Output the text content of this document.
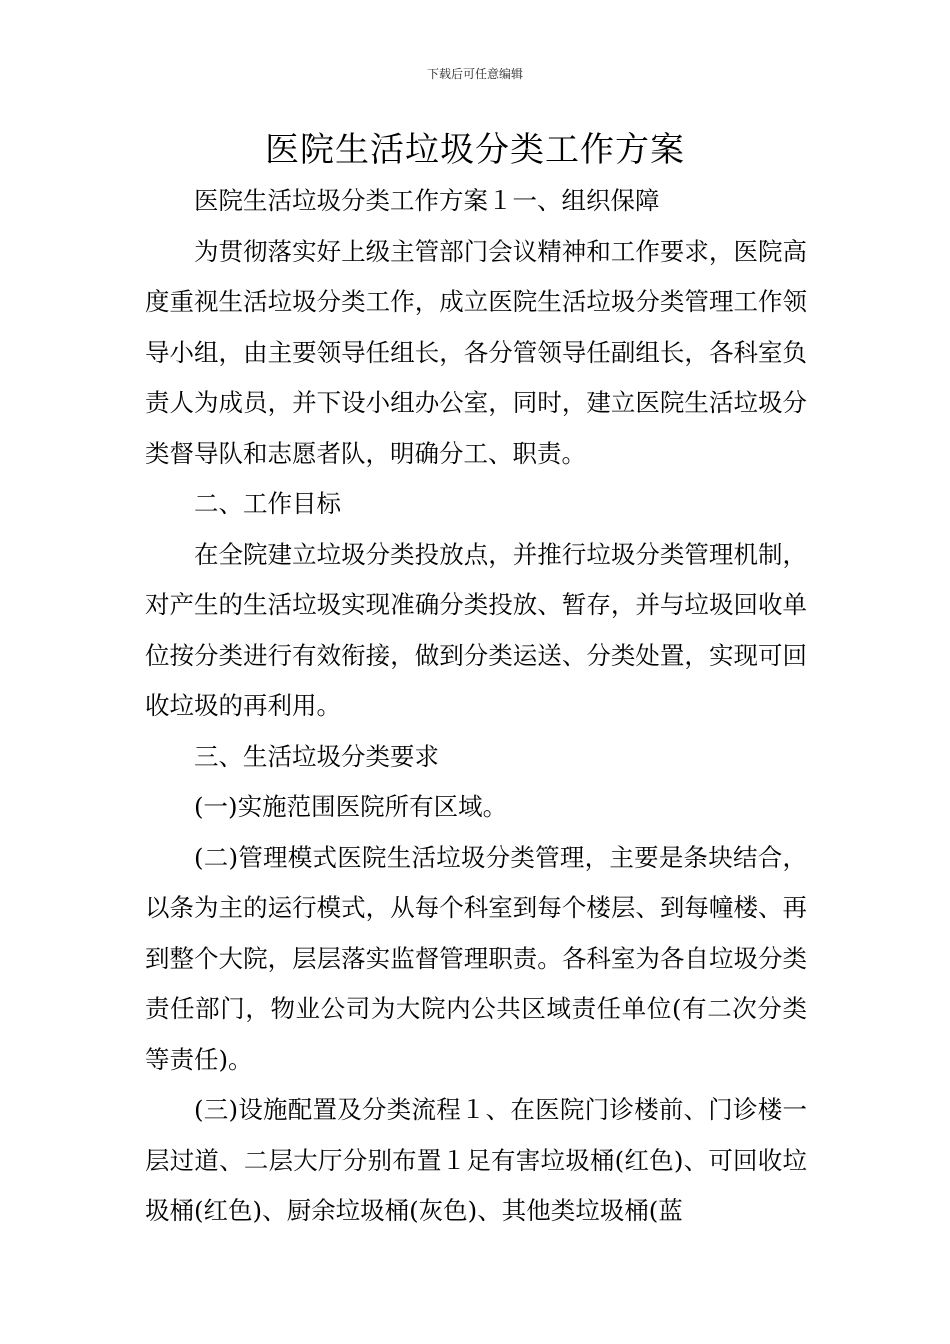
下载后可任意编辑
医院生活垃圾分类工作方案

医院生活垃圾分类工作方案１一、组织保障

为贯彻落实好上级主管部门会议精神和工作要求，医院高度重视生活垃圾分类工作，成立医院生活垃圾分类管理工作领导小组，由主要领导任组长，各分管领导任副组长，各科室负责人为成员，并下设小组办公室，同时，建立医院生活垃圾分类督导队和志愿者队，明确分工、职责。

二、工作目标

在全院建立垃圾分类投放点，并推行垃圾分类管理机制，对产生的生活垃圾实现准确分类投放、暂存，并与垃圾回收单位按分类进行有效衔接，做到分类运送、分类处置，实现可回收垃圾的再利用。

三、生活垃圾分类要求

(一)实施范围医院所有区域。

(二)管理模式医院生活垃圾分类管理，主要是条块结合，以条为主的运行模式，从每个科室到每个楼层、到每幢楼、再到整个大院，层层落实监督管理职责。各科室为各自垃圾分类责任部门，物业公司为大院内公共区域责任单位(有二次分类等责任)。

(三)设施配置及分类流程１、在医院门诊楼前、门诊楼一层过道、二层大厅分别布置１足有害垃圾桶(红色)、可回收垃圾桶(红色)、厨余垃圾桶(灰色)、其他类垃圾桶(蓝
